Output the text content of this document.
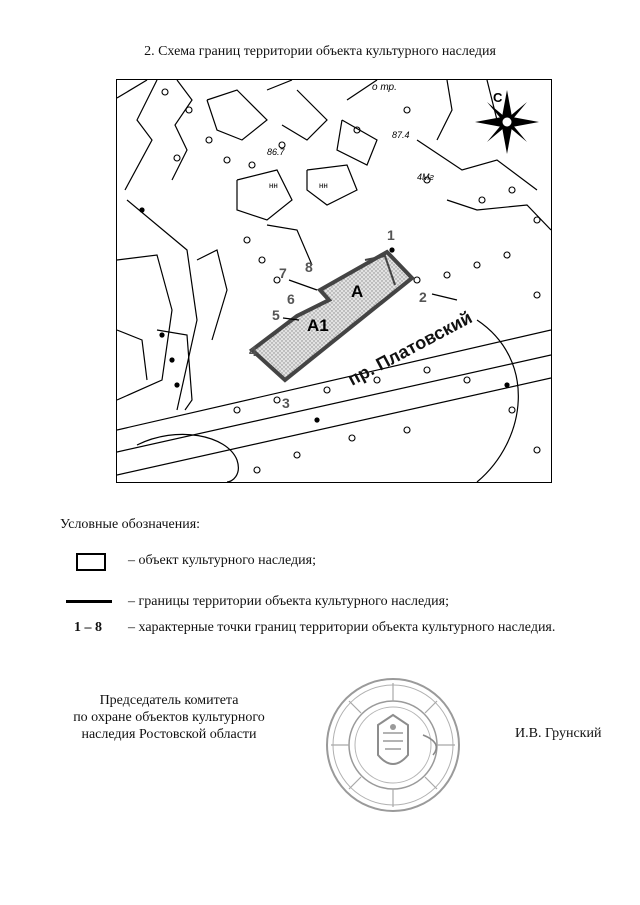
2. Схема границ территории объекта культурного наследия
А
А1 пр. Платовский
1
2
3
4
5
6
7 8
87.4
86.7
о тр.
4Мг
нн	нн
С
Условные обозначения:
– объект культурного наследия;
– границы территории объекта культурного наследия;
1 – 8 – характерные точки границ территории объекта культурного наследия.
Председатель комитета
по охране объектов культурного
наследия Ростовской области	И.В. Грунский
